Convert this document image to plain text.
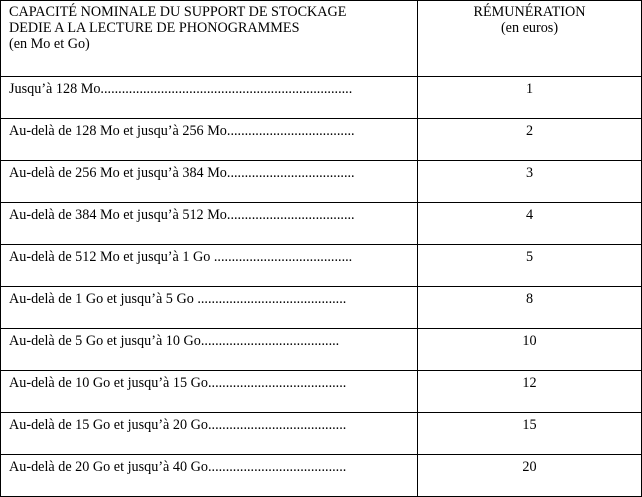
CAPACITÉ NOMINALE DU SUPPORT DE STOCKAGE
DEDIE A LA LECTURE DE PHONOGRAMMES
(en Mo et Go)	RÉMUNÉRATION
(en euros)

Jusqu’à 128 Mo.......................................................................	1
Au-delà de 128 Mo et jusqu’à 256 Mo....................................	2
Au-delà de 256 Mo et jusqu’à 384 Mo....................................	3
Au-delà de 384 Mo et jusqu’à 512 Mo....................................	4
Au-delà de 512 Mo et jusqu’à 1 Go .......................................	5
Au-delà de 1 Go et jusqu’à 5 Go ..........................................	8
Au-delà de 5 Go et jusqu’à 10 Go.......................................	10
Au-delà de 10 Go et jusqu’à 15 Go.......................................	12
Au-delà de 15 Go et jusqu’à 20 Go.......................................	15
Au-delà de 20 Go et jusqu’à 40 Go.......................................	20
